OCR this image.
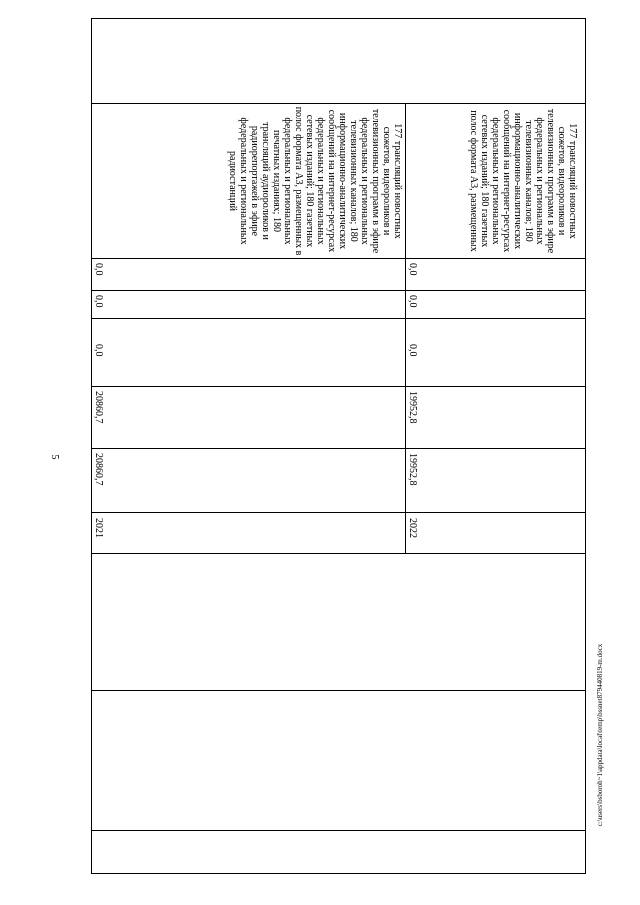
5
2021
20860,7
20860,7
0,0
0,0
0,0
177 трансляций новостных сюжетов, видеороликов и телевизионных программ в эфире федеральных и региональных телевизионных каналов; 180 информационно-аналитических сообщений на интернет-ресурсах федеральных и региональных сетевых изданий; 180 газетных полос формата А3, размещенных в федеральных и региональных печатных изданиях; 180 трансляций аудиороликов и радиорепортажей в эфире федеральных и региональных радиостанций
2022
19952,8
19952,8
0,0
0,0
0,0
177 трансляций новостных сюжетов, видеороликов и телевизионных программ в эфире федеральных и региональных телевизионных каналов; 180 информационно-аналитических сообщений на интернет-ресурсах федеральных и региональных сетевых изданий; 180 газетных полос формата А3, размещенных
c:\users\bsboroh~1\appdata\local\temp\bssnet879440819-m.docx
